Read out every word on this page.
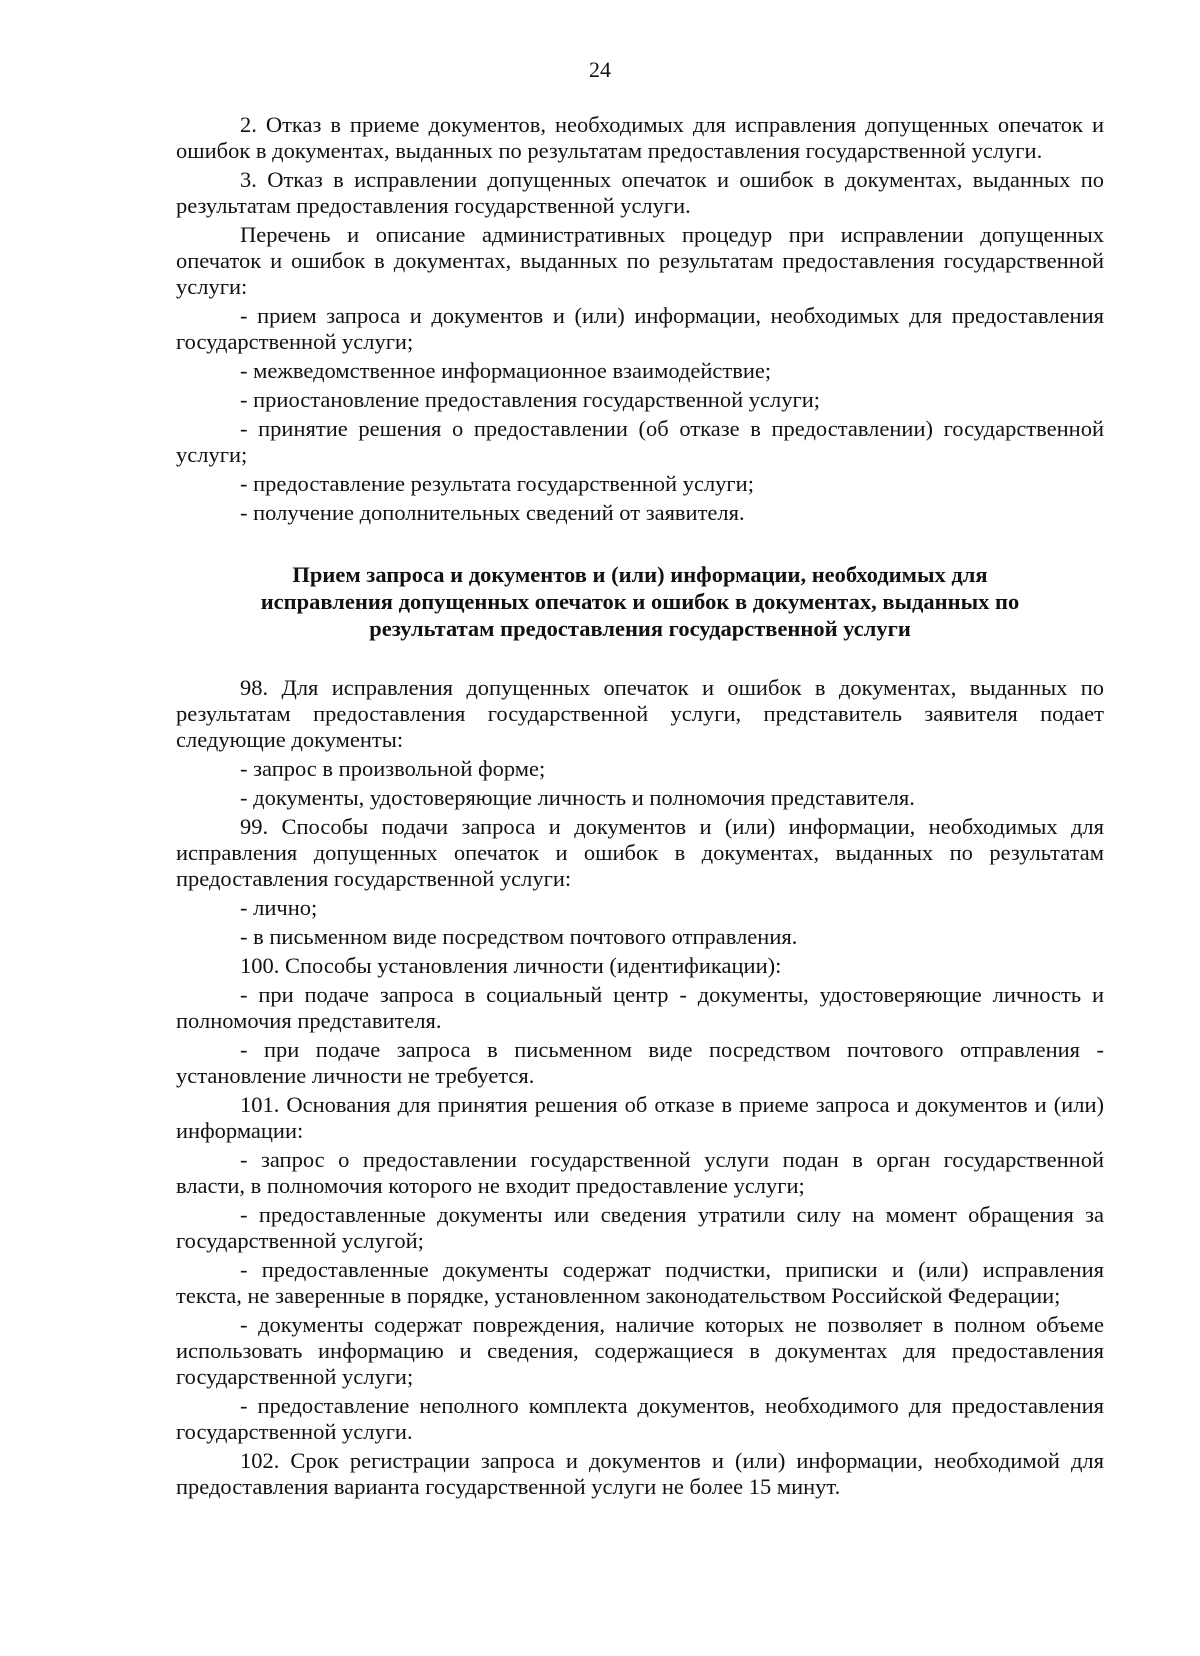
24

2. Отказ в приеме документов, необходимых для исправления допущенных опечаток и ошибок в документах, выданных по результатам предоставления государственной услуги.

3. Отказ в исправлении допущенных опечаток и ошибок в документах, выданных по результатам предоставления государственной услуги.

Перечень и описание административных процедур при исправлении допущенных опечаток и ошибок в документах, выданных по результатам предоставления государственной услуги:

- прием запроса и документов и (или) информации, необходимых для предоставления государственной услуги;

- межведомственное информационное взаимодействие;

- приостановление предоставления государственной услуги;

- принятие решения о предоставлении (об отказе в предоставлении) государственной услуги;

- предоставление результата государственной услуги;

- получение дополнительных сведений от заявителя.

Прием запроса и документов и (или) информации, необходимых для
исправления допущенных опечаток и ошибок в документах, выданных по
результатам предоставления государственной услуги

98. Для исправления допущенных опечаток и ошибок в документах, выданных по результатам предоставления государственной услуги, представитель заявителя подает следующие документы:

- запрос в произвольной форме;

- документы, удостоверяющие личность и полномочия представителя.

99. Способы подачи запроса и документов и (или) информации, необходимых для исправления допущенных опечаток и ошибок в документах, выданных по результатам предоставления государственной услуги:

- лично;

- в письменном виде посредством почтового отправления.

100. Способы установления личности (идентификации):

- при подаче запроса в социальный центр - документы, удостоверяющие личность и полномочия представителя.

- при подаче запроса в письменном виде посредством почтового отправления - установление личности не требуется.

101. Основания для принятия решения об отказе в приеме запроса и документов и (или) информации:

- запрос о предоставлении государственной услуги подан в орган государственной власти, в полномочия которого не входит предоставление услуги;

- предоставленные документы или сведения утратили силу на момент обращения за государственной услугой;

- предоставленные документы содержат подчистки, приписки и (или) исправления текста, не заверенные в порядке, установленном законодательством Российской Федерации;

- документы содержат повреждения, наличие которых не позволяет в полном объеме использовать информацию и сведения, содержащиеся в документах для предоставления государственной услуги;

- предоставление неполного комплекта документов, необходимого для предоставления государственной услуги.

102. Срок регистрации запроса и документов и (или) информации, необходимой для предоставления варианта государственной услуги не более 15 минут.
